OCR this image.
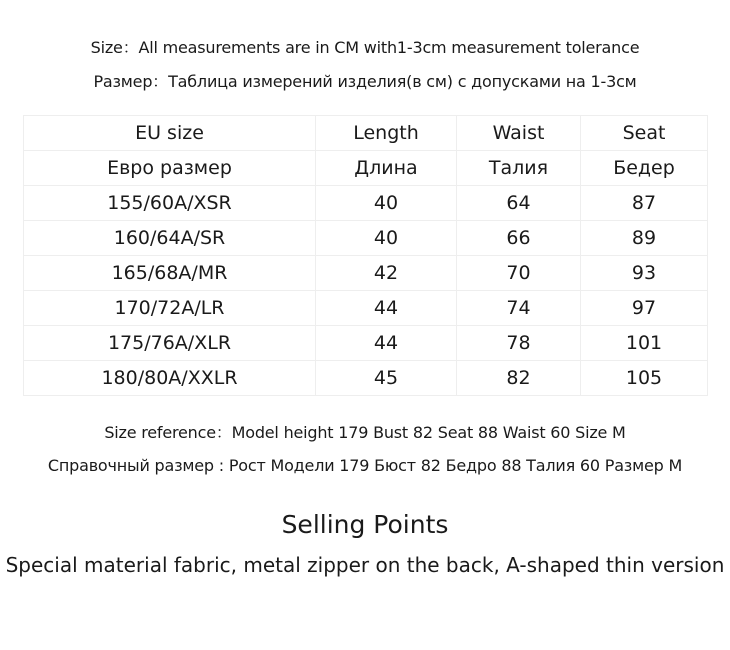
Size：All measurements are in CM with1-3cm measurement tolerance
Размер：Таблица измерений изделия(в см) с допусками на 1-3см
EU size	Length	Waist	Seat
Евро размер	Длина	Талия	Бедер
155/60A/XSR	40	64	87
160/64A/SR	40	66	89
165/68A/MR	42	70	93
170/72A/LR	44	74	97
175/76A/XLR	44	78	101
180/80A/XXLR	45	82	105
Size reference：Model height 179 Bust 82 Seat 88 Waist 60 Size M
Справочный размер : Рост Модели 179 Бюст 82 Бедро 88 Талия 60 Размер M
Selling Points
Special material fabric, metal zipper on the back, A-shaped thin version
